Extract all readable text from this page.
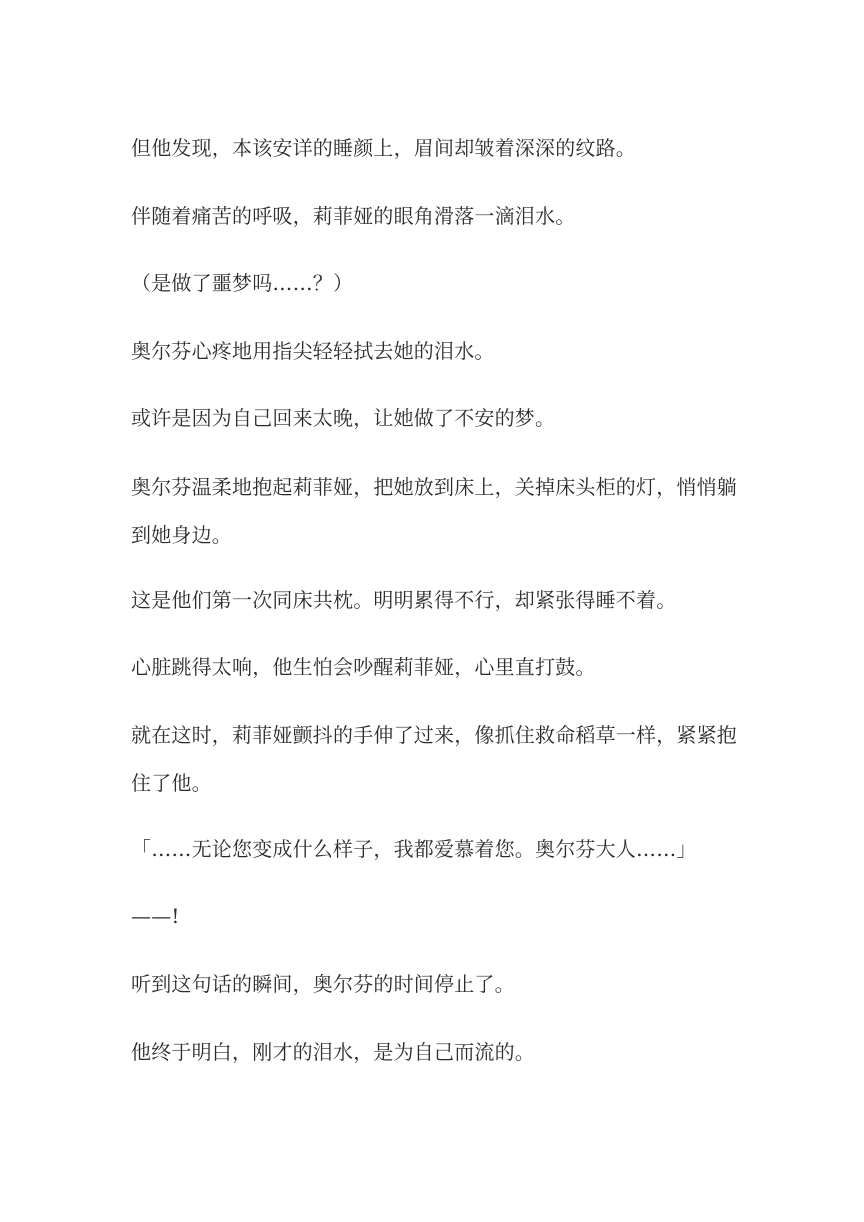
但他发现，本该安详的睡颜上，眉间却皱着深深的纹路。

伴随着痛苦的呼吸，莉菲娅的眼角滑落一滴泪水。

（是做了噩梦吗……？）

奥尔芬心疼地用指尖轻轻拭去她的泪水。

或许是因为自己回来太晚，让她做了不安的梦。

奥尔芬温柔地抱起莉菲娅，把她放到床上，关掉床头柜的灯，悄悄躺到她身边。

这是他们第一次同床共枕。明明累得不行，却紧张得睡不着。

心脏跳得太响，他生怕会吵醒莉菲娅，心里直打鼓。

就在这时，莉菲娅颤抖的手伸了过来，像抓住救命稻草一样，紧紧抱住了他。

「……无论您变成什么样子，我都爱慕着您。奥尔芬大人……」

——!

听到这句话的瞬间，奥尔芬的时间停止了。

他终于明白，刚才的泪水，是为自己而流的。
